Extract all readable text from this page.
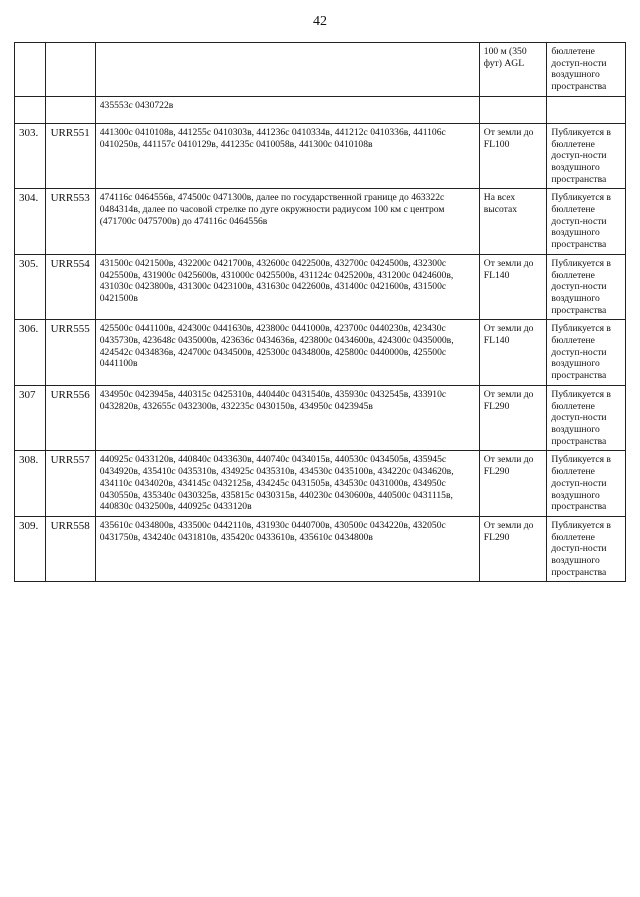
42
			100 м (350 фут) AGL	бюллетене доступ-ности воздушного пространства
		435553с 0430722в		
303.	URR551	441300с 0410108в, 441255с 0410303в, 441236с 0410334в, 441212с 0410336в, 441106с 0410250в, 441157с 0410129в, 441235с 0410058в, 441300с 0410108в	От земли до FL100	Публикуется в бюллетене доступ-ности воздушного пространства
304.	URR553	474116с 0464556в, 474500с 0471300в, далее по государственной границе до 463322с 0484314в, далее по часовой стрелке по дуге окружности радиусом 100 км с центром (471700с 0475700в) до 474116с 0464556в	На всех высотах	Публикуется в бюллетене доступ-ности воздушного пространства
305.	URR554	431500с 0421500в, 432200с 0421700в, 432600с 0422500в, 432700с 0424500в, 432300с 0425500в, 431900с 0425600в, 431000с 0425500в, 431124с 0425200в, 431200с 0424600в, 431030с 0423800в, 431300с 0423100в, 431630с 0422600в, 431400с 0421600в, 431500с 0421500в	От земли до FL140	Публикуется в бюллетене доступ-ности воздушного пространства
306.	URR555	425500с 0441100в, 424300с 0441630в, 423800с 0441000в, 423700с 0440230в, 423430с 0435730в, 423648с 0435000в, 423636с 0434636в, 423800с 0434600в, 424300с 0435000в, 424542с 0434836в, 424700с 0434500в, 425300с 0434800в, 425800с 0440000в, 425500с 0441100в	От земли до FL140	Публикуется в бюллетене доступ-ности воздушного пространства
307	URR556	434950с 0423945в, 440315с 0425310в, 440440с 0431540в, 435930с 0432545в, 433910с 0432820в, 432655с 0432300в, 432235с 0430150в, 434950с 0423945в	От земли до FL290	Публикуется в бюллетене доступ-ности воздушного пространства
308.	URR557	440925с 0433120в, 440840с 0433630в, 440740с 0434015в, 440530с 0434505в, 435945с 0434920в, 435410с 0435310в, 434925с 0435310в, 434530с 0435100в, 434220с 0434620в, 434110с 0434020в, 434145с 0432125в, 434245с 0431505в, 434530с 0431000в, 434950с 0430550в, 435340с 0430325в, 435815с 0430315в, 440230с 0430600в, 440500с 0431115в, 440830с 0432500в, 440925с 0433120в	От земли до FL290	Публикуется в бюллетене доступ-ности воздушного пространства
309.	URR558	435610с 0434800в, 433500с 0442110в, 431930с 0440700в, 430500с 0434220в, 432050с 0431750в, 434240с 0431810в, 435420с 0433610в, 435610с 0434800в	От земли до FL290	Публикуется в бюллетене доступ-ности воздушного пространства
